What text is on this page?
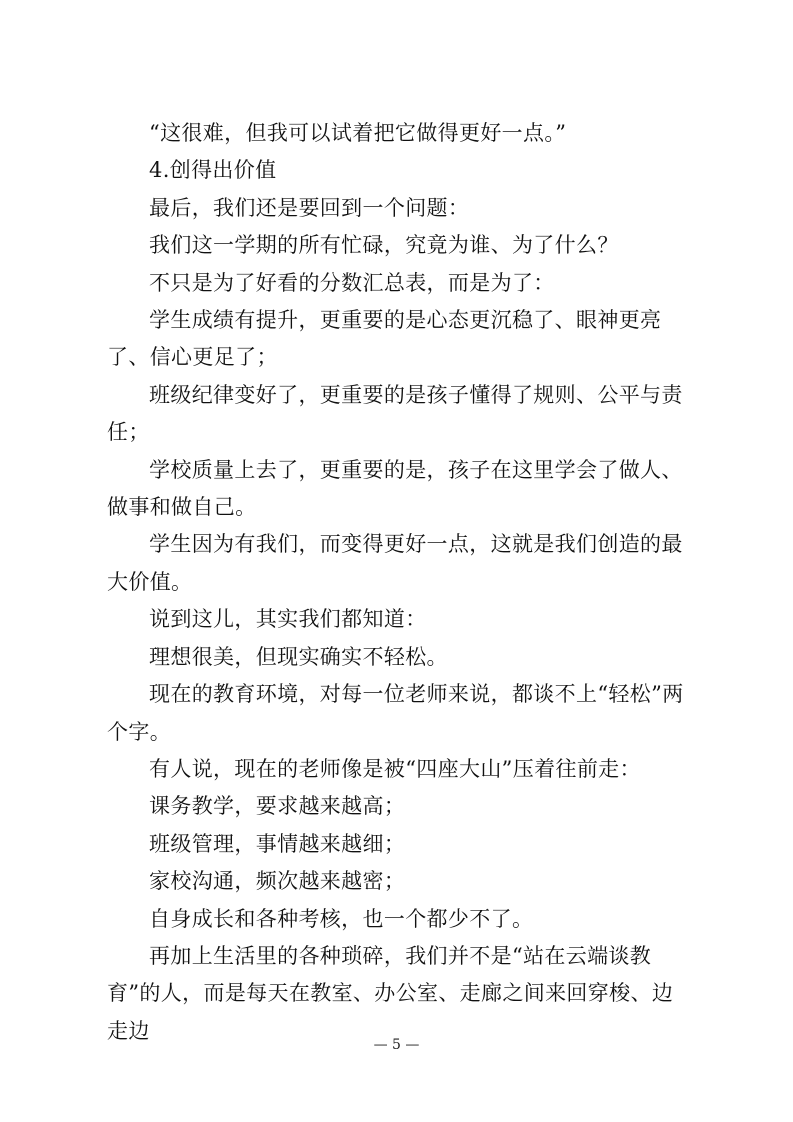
“这很难，但我可以试着把它做得更好一点。”

4.创得出价值

最后，我们还是要回到一个问题：

我们这一学期的所有忙碌，究竟为谁、为了什么？

不只是为了好看的分数汇总表，而是为了：

学生成绩有提升，更重要的是心态更沉稳了、眼神更亮了、信心更足了；

班级纪律变好了，更重要的是孩子懂得了规则、公平与责任；

学校质量上去了，更重要的是，孩子在这里学会了做人、做事和做自己。

学生因为有我们，而变得更好一点，这就是我们创造的最大价值。

说到这儿，其实我们都知道：

理想很美，但现实确实不轻松。

现在的教育环境，对每一位老师来说，都谈不上“轻松”两个字。

有人说，现在的老师像是被“四座大山”压着往前走：

课务教学，要求越来越高；

班级管理，事情越来越细；

家校沟通，频次越来越密；

自身成长和各种考核，也一个都少不了。

再加上生活里的各种琐碎，我们并不是“站在云端谈教育”的人，而是每天在教室、办公室、走廊之间来回穿梭、边走边

— 5 —
